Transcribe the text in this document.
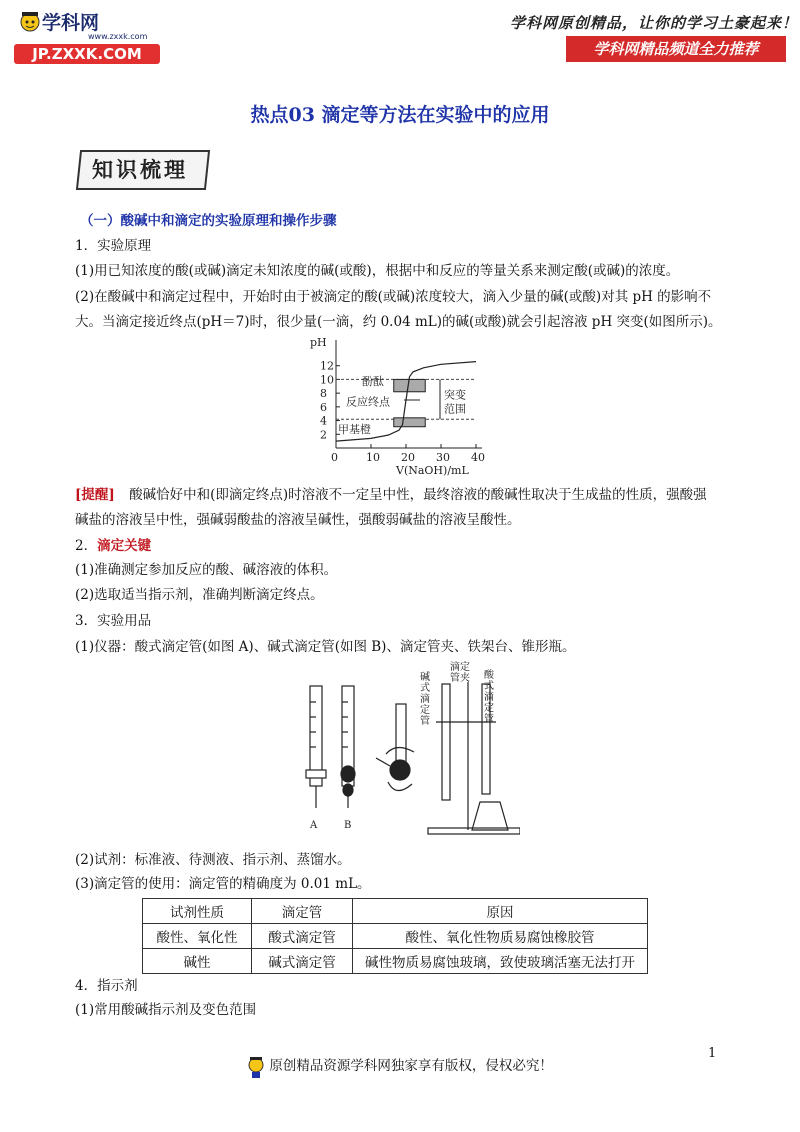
学科网
www.zxxk.com
JP.ZXXK.COM
学科网原创精品，让你的学习土豪起来！
学科网精品频道全力推荐
热点03 滴定等方法在实验中的应用
知识梳理
（一）酸碱中和滴定的实验原理和操作步骤
1．实验原理
(1)用已知浓度的酸(或碱)滴定未知浓度的碱(或酸)，根据中和反应的等量关系来测定酸(或碱)的浓度。
(2)在酸碱中和滴定过程中，开始时由于被滴定的酸(或碱)浓度较大，滴入少量的碱(或酸)对其 pH 的影响不
大。当滴定接近终点(pH＝7)时，很少量(一滴，约 0.04 mL)的碱(或酸)就会引起溶液 pH 突变(如图所示)。
pH
V(NaOH)/mL
12
10
8
6
4
2
0	10 20 30 40
酚酞
反应终点
甲基橙
突变
范围
[提醒] 酸碱恰好中和(即滴定终点)时溶液不一定呈中性，最终溶液的酸碱性取决于生成盐的性质，强酸强
碱盐的溶液呈中性，强碱弱酸盐的溶液呈碱性，强酸弱碱盐的溶液呈酸性。
2．滴定关键
(1)准确测定参加反应的酸、碱溶液的体积。
(2)选取适当指示剂，准确判断滴定终点。
3．实验用品
(1)仪器：酸式滴定管(如图 A)、碱式滴定管(如图 B)、滴定管夹、铁架台、锥形瓶。
A	B
碱式滴定管
滴定管夹	酸式滴定管
(2)试剂：标准液、待测液、指示剂、蒸馏水。
(3)滴定管的使用：滴定管的精确度为 0.01 mL。
试剂性质	滴定管	原因
酸性、氧化性	酸式滴定管	酸性、氧化性物质易腐蚀橡胶管
碱性	碱式滴定管	碱性物质易腐蚀玻璃，致使玻璃活塞无法打开
4．指示剂
(1)常用酸碱指示剂及变色范围
1
原创精品资源学科网独家享有版权，侵权必究！
